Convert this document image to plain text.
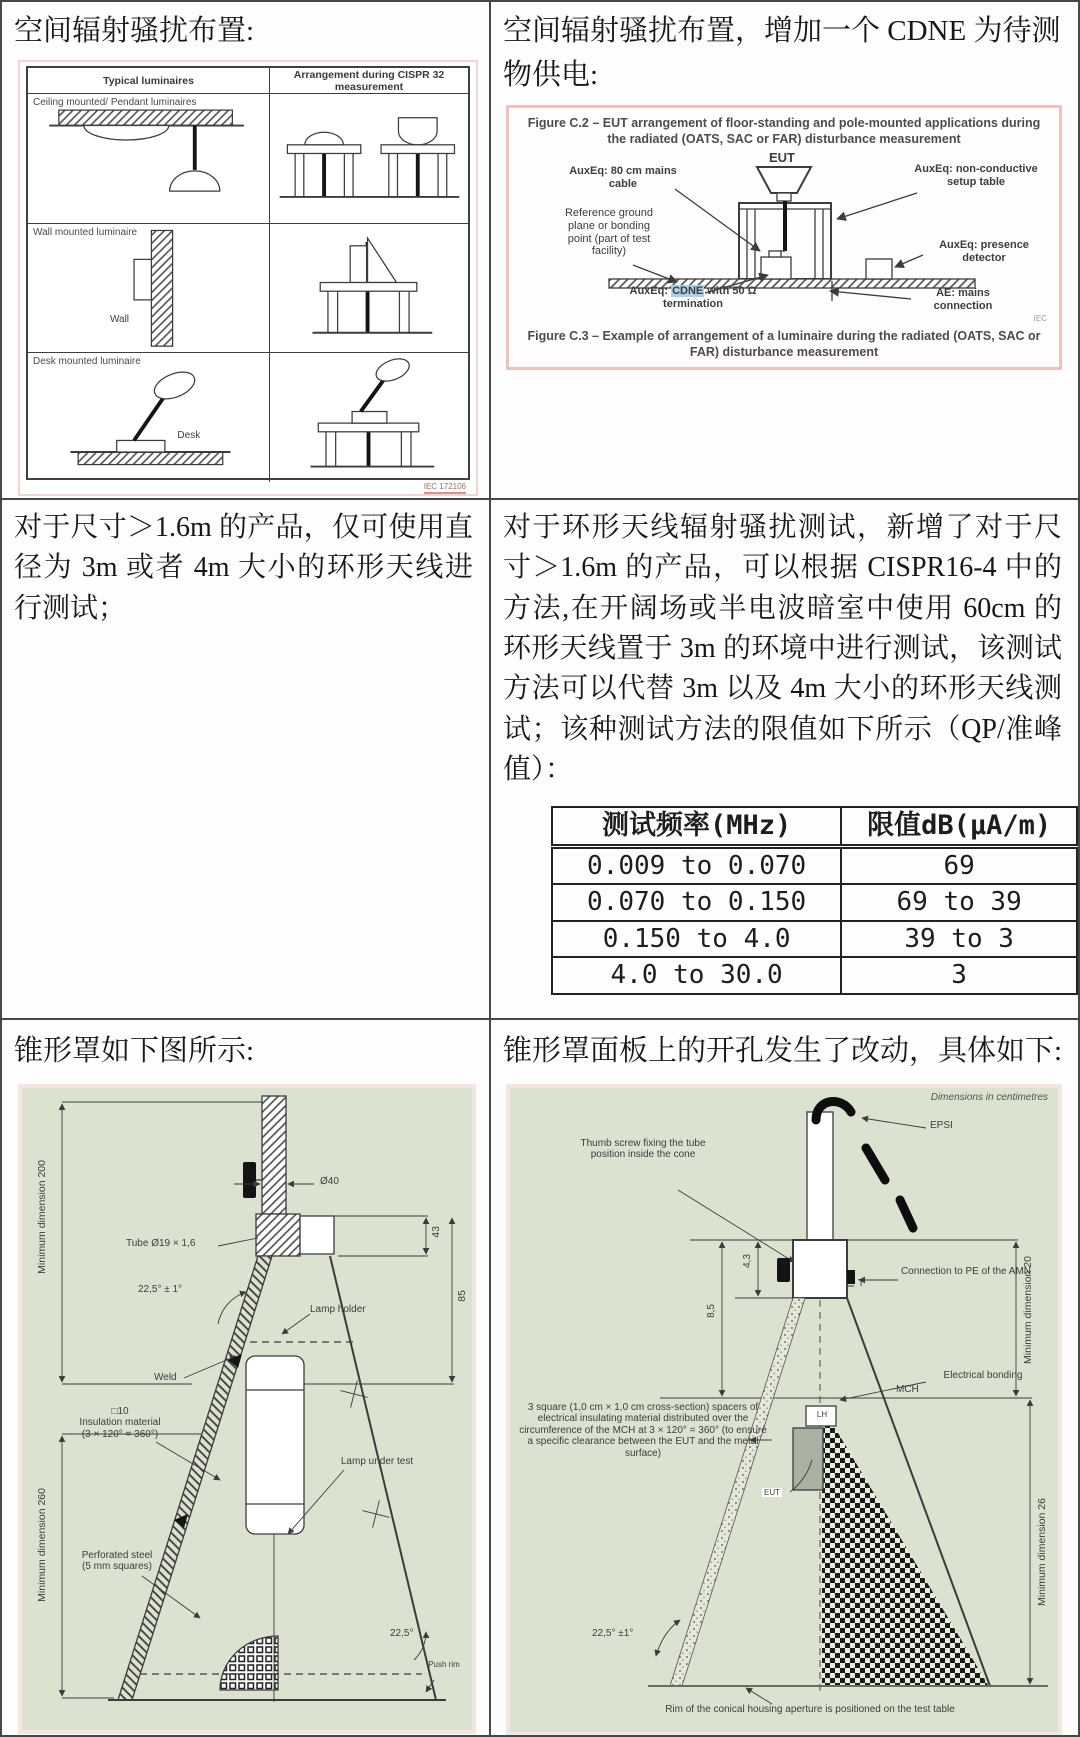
空间辐射骚扰布置:
Typical luminaires	Arrangement during CISPR 32 measurement
Ceiling mounted/ Pendant luminaires
Wall mounted luminaire
Wall
Desk mounted luminaire
Desk
IEC 172106
空间辐射骚扰布置，增加一个 CDNE 为待测物供电:
Figure C.2 – EUT arrangement of floor-standing and pole-mounted applications during the radiated (OATS, SAC or FAR) disturbance measurement
EUT
AuxEq: 80 cm mains cable
AuxEq: non-conductive setup table
Reference ground plane or bonding point (part of test facility)	AuxEq: presence detector
AuxEq: CDNE with 50 Ω termination
AE: mains connection
IEC
Figure C.3 – Example of arrangement of a luminaire during the radiated (OATS, SAC or FAR) disturbance measurement
对于尺寸＞1.6m 的产品，仅可使用直径为 3m 或者 4m 大小的环形天线进行测试；
对于环形天线辐射骚扰测试，新增了对于尺寸＞1.6m 的产品，可以根据 CISPR16-4 中的方法,在开阔场或半电波暗室中使用 60cm 的环形天线置于 3m 的环境中进行测试，该测试方法可以代替 3m 以及 4m 大小的环形天线测试；该种测试方法的限值如下所示（QP/准峰值）：
测试频率(MHz)	限值dB(μA/m)
0.009 to 0.070	69
0.070 to 0.150	69 to 39
0.150 to 4.0	39 to 3
4.0 to 30.0	3
锥形罩如下图所示:
Minimum dimension 200
Minimum dimension 260
Ø40
Tube Ø19 × 1,6
22,5° ± 1°
Lamp holder
Weld
43
85
□10
Insulation material
(3 × 120° = 360°)
Lamp under test
Perforated steel
(5 mm squares)
22,5°
Push rim
锥形罩面板上的开孔发生了改动，具体如下:
Dimensions in centimetres
Thumb screw fixing the tube position inside the cone
EPSI
T
4,3
8,5	Minimum dimension 20
Connection to PE of the AMN
Electrical bonding
LH
EUT
MCH
3 square (1,0 cm × 1,0 cm cross-section) spacers of electrical insulating material distributed over the circumference of the MCH at 3 × 120° = 360° (to ensure a specific clearance between the EUT and the metal surface)
22,5° ±1°
Minimum dimension 26
Rim of the conical housing aperture is positioned on the test table
